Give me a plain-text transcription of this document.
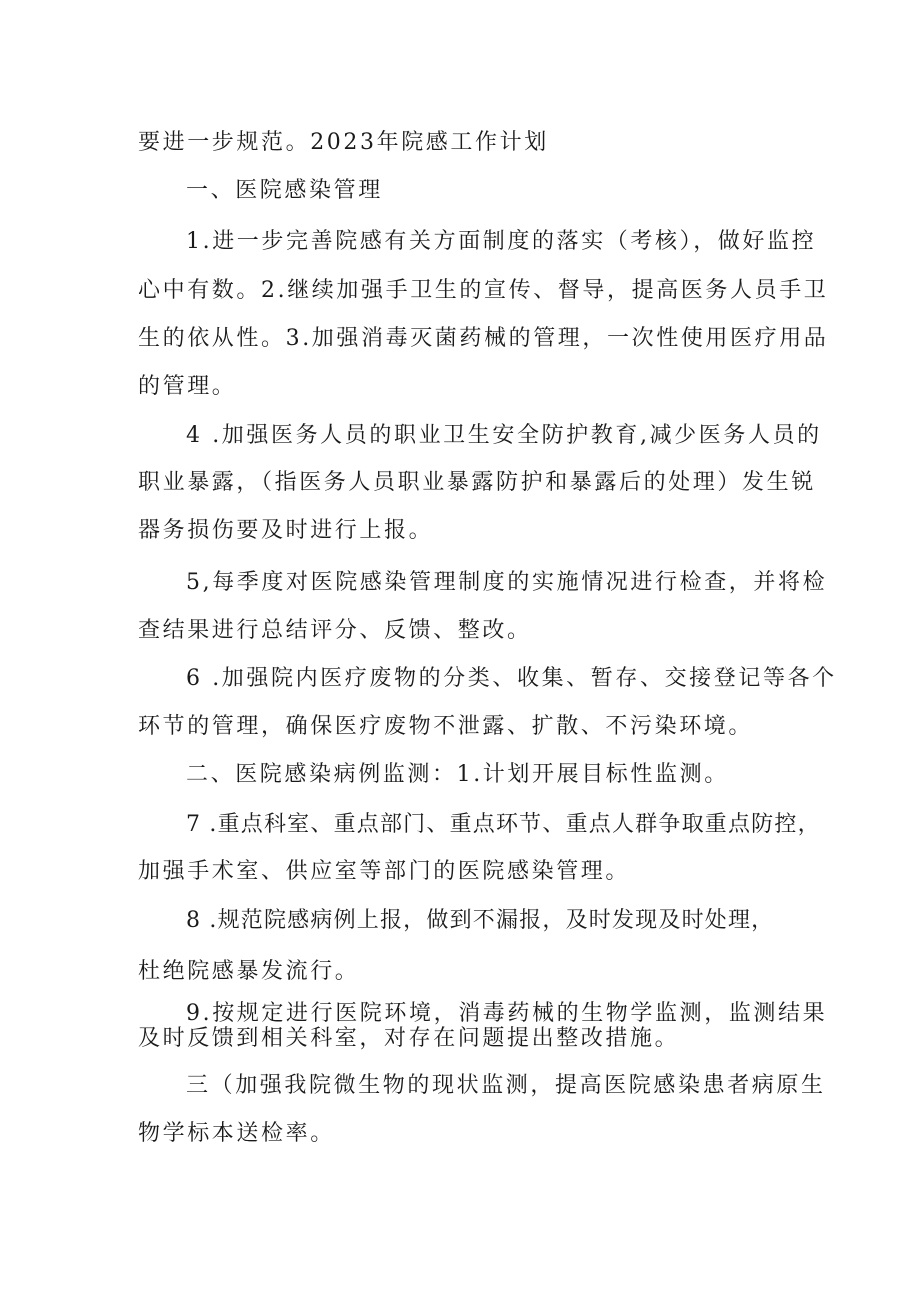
要进一步规范。2023年院感工作计划
一、医院感染管理
1.进一步完善院感有关方面制度的落实（考核），做好监控
心中有数。2.继续加强手卫生的宣传、督导，提高医务人员手卫
生的依从性。3.加强消毒灭菌药械的管理，一次性使用医疗用品
的管理。
4 .加强医务人员的职业卫生安全防护教育,减少医务人员的
职业暴露，（指医务人员职业暴露防护和暴露后的处理）发生锐
器务损伤要及时进行上报。
5,每季度对医院感染管理制度的实施情况进行检查，并将检
查结果进行总结评分、反馈、整改。
6 .加强院内医疗废物的分类、收集、暂存、交接登记等各个
环节的管理，确保医疗废物不泄露、扩散、不污染环境。
二、医院感染病例监测：1.计划开展目标性监测。
7 .重点科室、重点部门、重点环节、重点人群争取重点防控，
加强手术室、供应室等部门的医院感染管理。
8 .规范院感病例上报，做到不漏报，及时发现及时处理，
杜绝院感暴发流行。
9.按规定进行医院环境，消毒药械的生物学监测，监测结果
及时反馈到相关科室，对存在问题提出整改措施。
三（加强我院微生物的现状监测，提高医院感染患者病原生
物学标本送检率。
